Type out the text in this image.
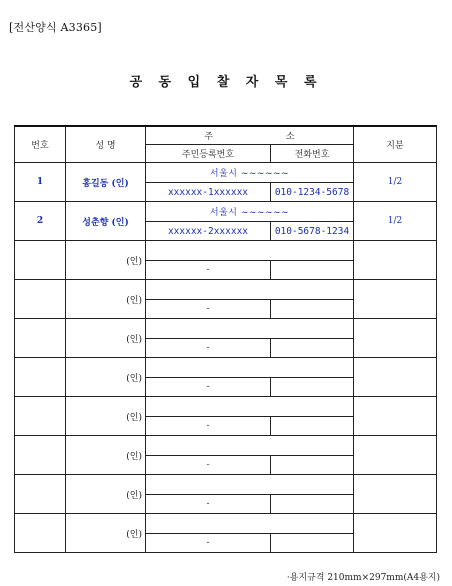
[전산양식 A3365]
공 동 입 찰 자 목 록
번호	성 명	주 소		지분
		주민등록번호	전화번호	
1	홍길동 (인)	서울시 ~~~~~~		1/2
		xxxxxx-1xxxxxx	010-1234-5678	
2	성춘향 (인)	서울시 ~~~~~~		1/2
		xxxxxx-2xxxxxx	010-5678-1234	
	(인)			
		-		
	(인)			
		-		
	(인)			
		-		
	(인)			
		-		
	(인)			
		-		
	(인)			
		-		
	(인)			
		-		
	(인)			
		-		
·용지규격 210mm×297mm(A4용지)
